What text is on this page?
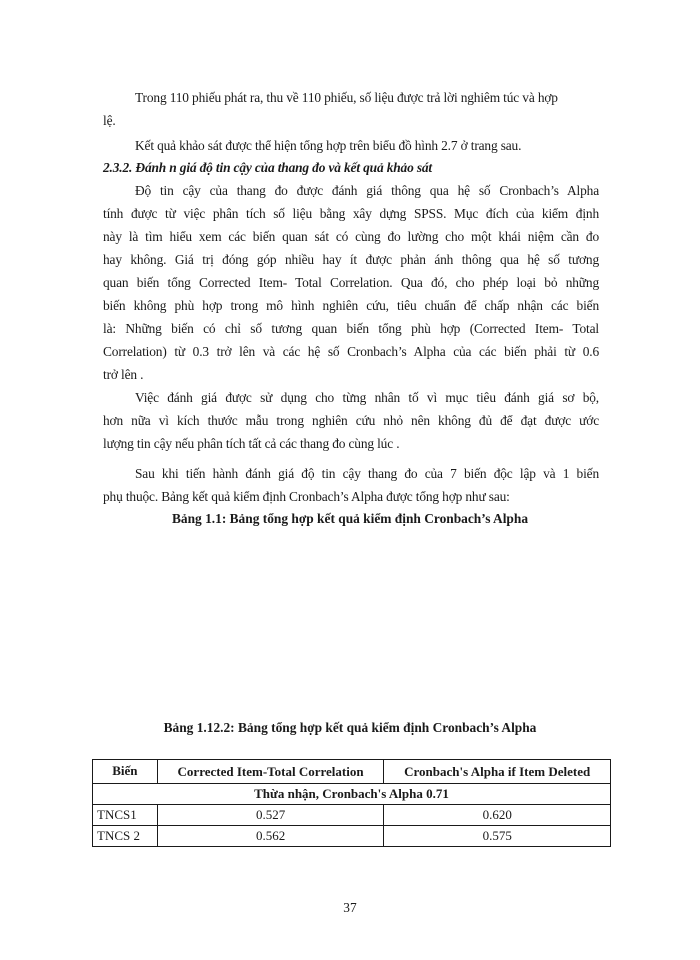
Trong 110 phiếu phát ra, thu về 110 phiếu, số liệu được trả lời nghiêm túc và hợp
lệ.
Kết quả khảo sát được thể hiện tổng hợp trên biểu đồ hình 2.7 ở trang sau.
2.3.2. Đánh n giá độ tin cậy của thang đo và kết quả khảo sát
Độ tin cậy của thang đo được đánh giá thông qua hệ số Cronbach’s Alpha
tính được từ việc phân tích số liệu bằng xây dựng SPSS. Mục đích của kiểm định
này là tìm hiểu xem các biến quan sát có cùng đo lường cho một khái niệm cần đo
hay không. Giá trị đóng góp nhiều hay ít được phản ánh thông qua hệ số tương
quan biến tổng Corrected Item- Total Correlation. Qua đó, cho phép loại bỏ những
biến không phù hợp trong mô hình nghiên cứu, tiêu chuẩn để chấp nhận các biến
là: Những biến có chỉ số tương quan biến tổng phù hợp (Corrected Item- Total
Correlation) từ 0.3 trở lên và các hệ số Cronbach’s Alpha của các biến phải từ 0.6
trở lên .
Việc đánh giá được sử dụng cho từng nhân tố vì mục tiêu đánh giá sơ bộ,
hơn nữa vì kích thước mẫu trong nghiên cứu nhỏ nên không đủ để đạt được ước
lượng tin cậy nếu phân tích tất cả các thang đo cùng lúc .
Sau khi tiến hành đánh giá độ tin cậy thang đo của 7 biến độc lập và 1 biến
phụ thuộc. Bảng kết quả kiểm định Cronbach’s Alpha được tổng hợp như sau:
Bảng 1.1: Bảng tổng hợp kết quả kiểm định Cronbach’s Alpha
Bảng 1.12.2: Bảng tổng hợp kết quả kiểm định Cronbach’s Alpha
Biến	Corrected Item-Total Correlation	Cronbach's Alpha if Item Deleted
Thừa nhận, Cronbach's Alpha 0.71		
TNCS1	0.527	0.620
TNCS 2	0.562	0.575
37
